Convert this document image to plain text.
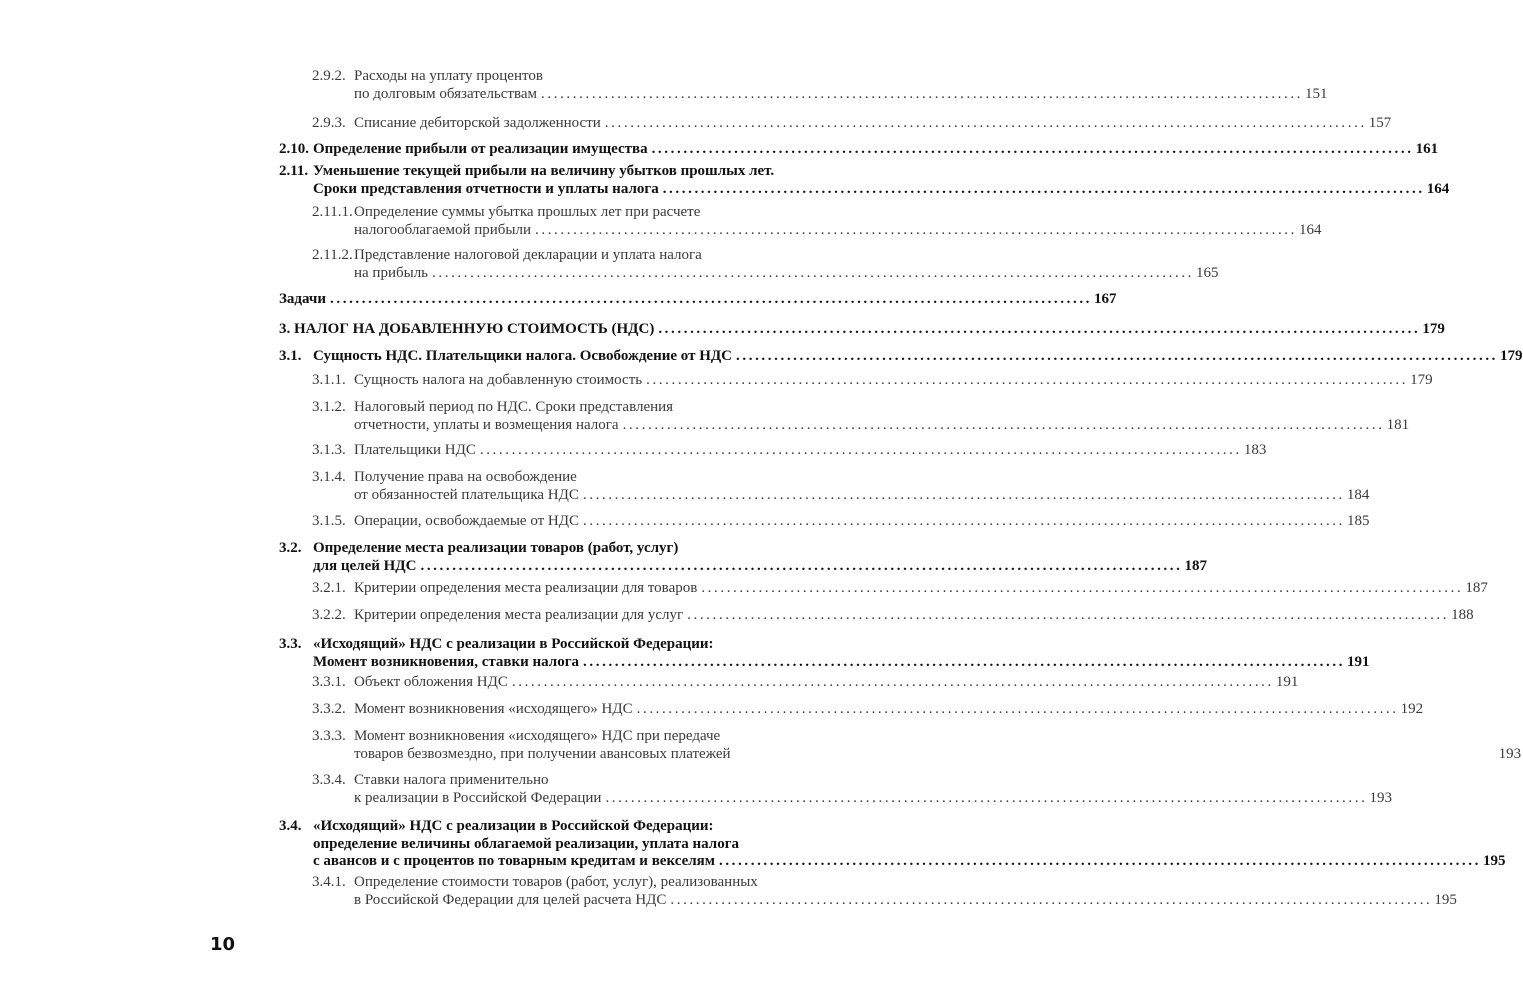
2.9.2. Расходы на уплату процентов
по долговым обязательствам ........................................................................................................................ 151
2.9.3. Списание дебиторской задолженности ........................................................................................................................ 157
2.10. Определение прибыли от реализации имущества ........................................................................................................................ 161
2.11. Уменьшение текущей прибыли на величину убытков прошлых лет.
Сроки представления отчетности и уплаты налога ........................................................................................................................ 164
2.11.1. Определение суммы убытка прошлых лет при расчете
налогооблагаемой прибыли ........................................................................................................................ 164
2.11.2. Представление налоговой декларации и уплата налога
на прибыль ........................................................................................................................ 165
Задачи ........................................................................................................................ 167
3. НАЛОГ НА ДОБАВЛЕННУЮ СТОИМОСТЬ (НДС) ........................................................................................................................ 179
3.1. Сущность НДС. Плательщики налога. Освобождение от НДС ........................................................................................................................ 179
3.1.1. Сущность налога на добавленную стоимость ........................................................................................................................ 179
3.1.2. Налоговый период по НДС. Сроки представления
отчетности, уплаты и возмещения налога ........................................................................................................................ 181
3.1.3. Плательщики НДС ........................................................................................................................ 183
3.1.4. Получение права на освобождение
от обязанностей плательщика НДС ........................................................................................................................ 184
3.1.5. Операции, освобождаемые от НДС ........................................................................................................................ 185
3.2. Определение места реализации товаров (работ, услуг)
для целей НДС ........................................................................................................................ 187
3.2.1. Критерии определения места реализации для товаров ........................................................................................................................ 187
3.2.2. Критерии определения места реализации для услуг ........................................................................................................................ 188
3.3. «Исходящий» НДС с реализации в Российской Федерации:
Момент возникновения, ставки налога ........................................................................................................................ 191
3.3.1. Объект обложения НДС ........................................................................................................................ 191
3.3.2. Момент возникновения «исходящего» НДС ........................................................................................................................ 192
3.3.3. Момент возникновения «исходящего» НДС при передаче
товаров безвозмездно, при получении авансовых платежей	193
3.3.4. Ставки налога применительно
к реализации в Российской Федерации ........................................................................................................................ 193
3.4. «Исходящий» НДС с реализации в Российской Федерации:
определение величины облагаемой реализации, уплата налога
с авансов и с процентов по товарным кредитам и векселям ........................................................................................................................ 195
3.4.1. Определение стоимости товаров (работ, услуг), реализованных
в Российской Федерации для целей расчета НДС ........................................................................................................................ 195
10
